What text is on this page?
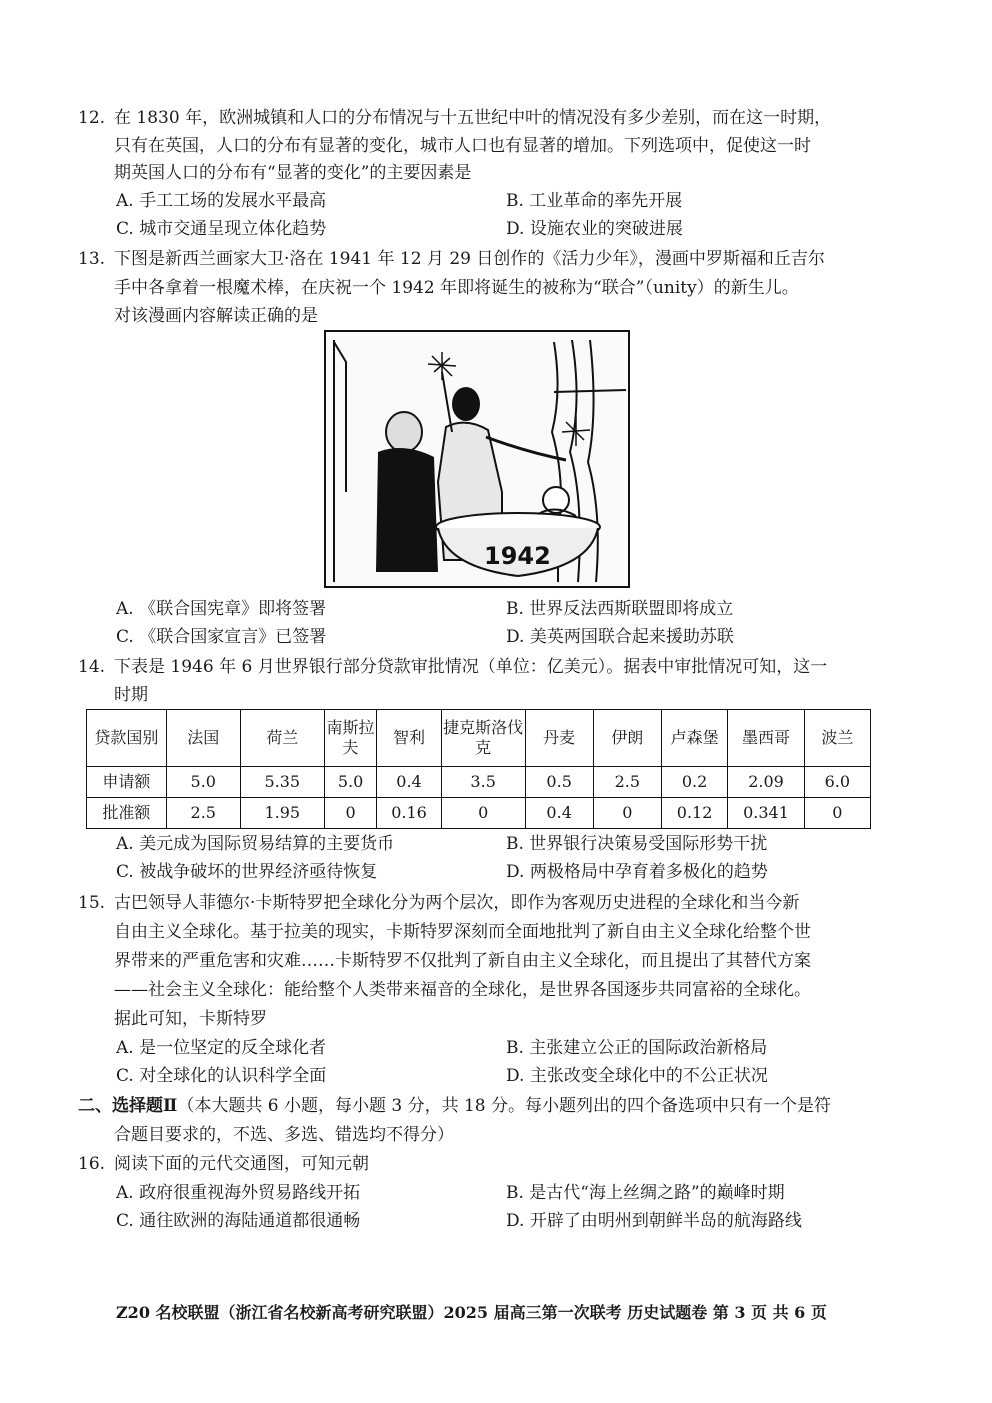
12. 在 1830 年，欧洲城镇和人口的分布情况与十五世纪中叶的情况没有多少差别，而在这一时期，
只有在英国，人口的分布有显著的变化，城市人口也有显著的增加。下列选项中，促使这一时
期英国人口的分布有“显著的变化”的主要因素是
A. 手工工场的发展水平最高	B. 工业革命的率先开展
C. 城市交通呈现立体化趋势	D. 设施农业的突破进展
13. 下图是新西兰画家大卫·洛在 1941 年 12 月 29 日创作的《活力少年》，漫画中罗斯福和丘吉尔
手中各拿着一根魔术棒，在庆祝一个 1942 年即将诞生的被称为“联合”（unity）的新生儿。
对该漫画内容解读正确的是
1942
A. 《联合国宪章》即将签署	B. 世界反法西斯联盟即将成立
C. 《联合国家宣言》已签署	D. 美英两国联合起来援助苏联
14. 下表是 1946 年 6 月世界银行部分贷款审批情况（单位：亿美元）。据表中审批情况可知，这一
时期
贷款国别	法国	荷兰	南斯拉夫	智利	捷克斯洛伐克	丹麦	伊朗	卢森堡	墨西哥	波兰
申请额	5.0	5.35	5.0	0.4	3.5	0.5	2.5	0.2	2.09	6.0
批准额	2.5	1.95	0	0.16	0	0.4	0	0.12	0.341	0
A. 美元成为国际贸易结算的主要货币	B. 世界银行决策易受国际形势干扰
C. 被战争破坏的世界经济亟待恢复	D. 两极格局中孕育着多极化的趋势
15. 古巴领导人菲德尔·卡斯特罗把全球化分为两个层次，即作为客观历史进程的全球化和当今新
自由主义全球化。基于拉美的现实，卡斯特罗深刻而全面地批判了新自由主义全球化给整个世
界带来的严重危害和灾难……卡斯特罗不仅批判了新自由主义全球化，而且提出了其替代方案
——社会主义全球化：能给整个人类带来福音的全球化，是世界各国逐步共同富裕的全球化。
据此可知，卡斯特罗
A. 是一位坚定的反全球化者	B. 主张建立公正的国际政治新格局
C. 对全球化的认识科学全面	D. 主张改变全球化中的不公正状况
二、选择题Ⅱ（本大题共 6 小题，每小题 3 分，共 18 分。每小题列出的四个备选项中只有一个是符
合题目要求的，不选、多选、错选均不得分）
16. 阅读下面的元代交通图，可知元朝
A. 政府很重视海外贸易路线开拓	B. 是古代“海上丝绸之路”的巅峰时期
C. 通往欧洲的海陆通道都很通畅	D. 开辟了由明州到朝鲜半岛的航海路线
Z20 名校联盟（浙江省名校新高考研究联盟）2025 届高三第一次联考 历史试题卷 第 3 页 共 6 页
